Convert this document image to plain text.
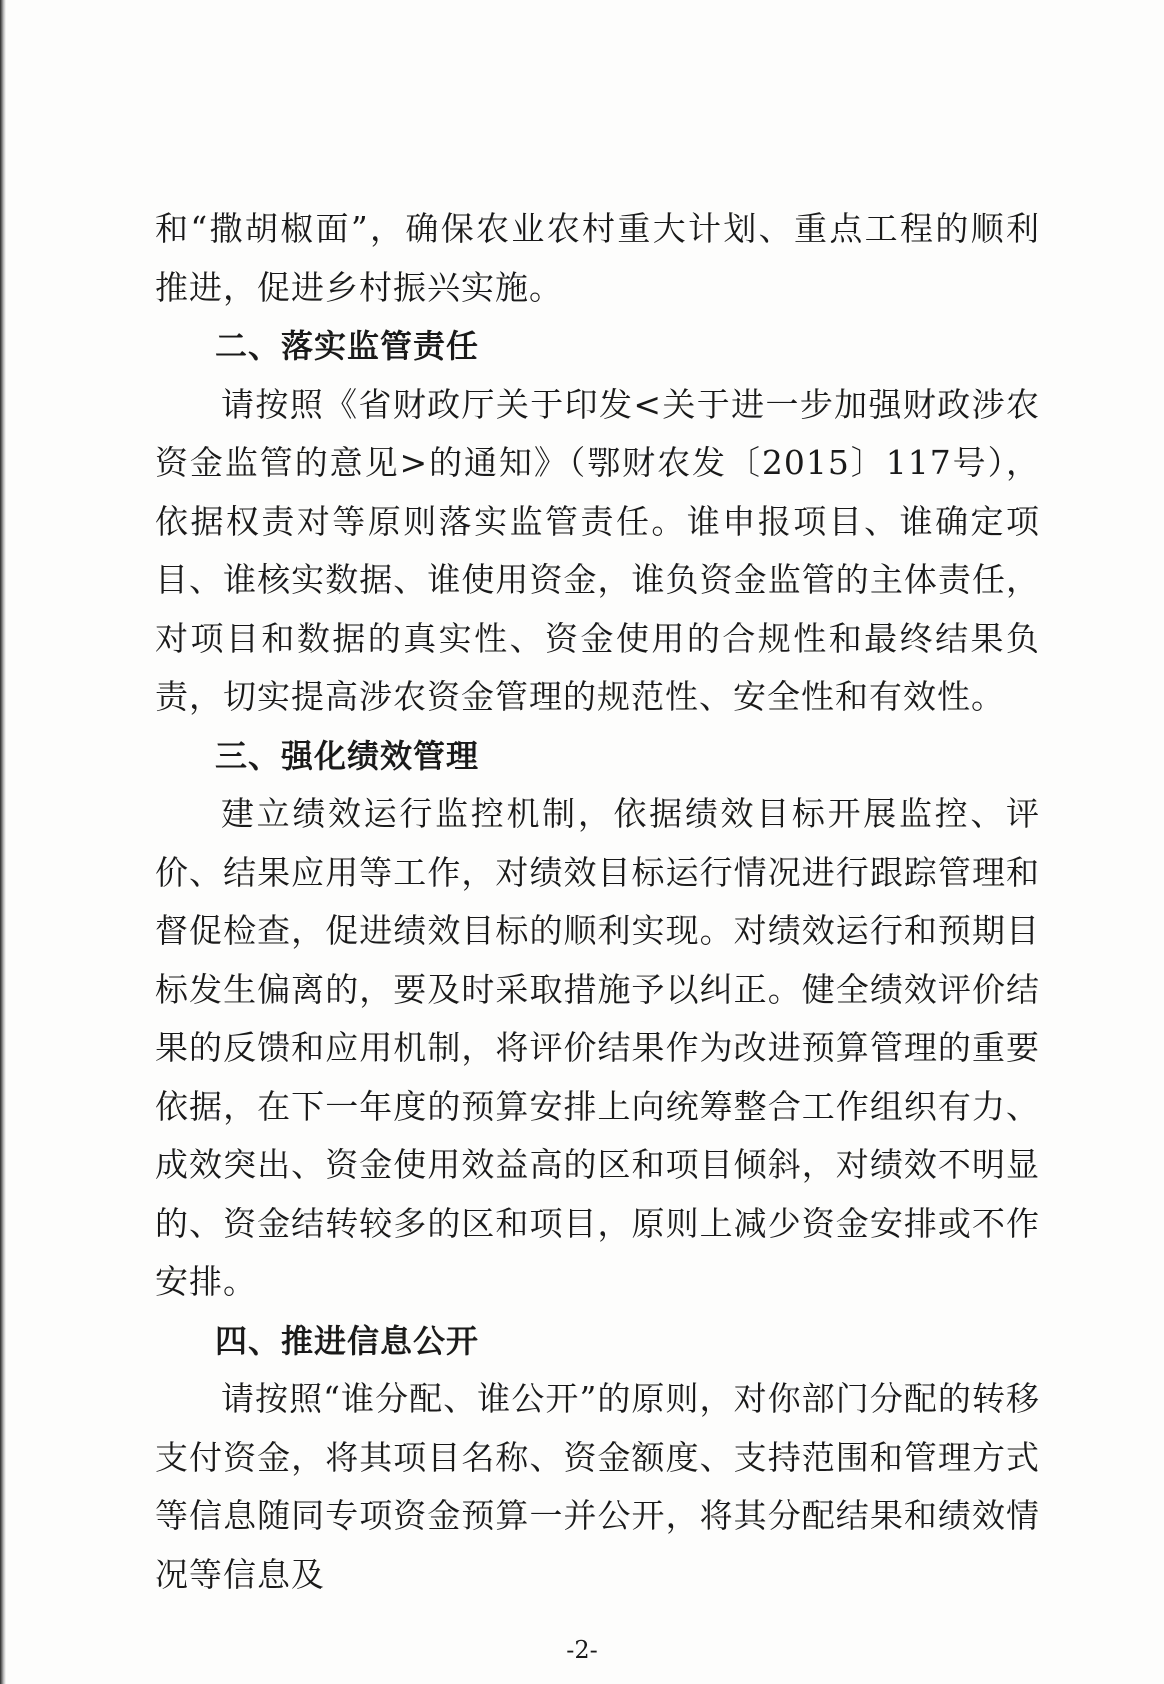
和“撒胡椒面”，确保农业农村重大计划、重点工程的顺利推进，促进乡村振兴实施。

二、落实监管责任

请按照《省财政厅关于印发<关于进一步加强财政涉农资金监管的意见>的通知》（鄂财农发〔2015〕117号），依据权责对等原则落实监管责任。谁申报项目、谁确定项目、谁核实数据、谁使用资金，谁负资金监管的主体责任，对项目和数据的真实性、资金使用的合规性和最终结果负责，切实提高涉农资金管理的规范性、安全性和有效性。

三、强化绩效管理

建立绩效运行监控机制，依据绩效目标开展监控、评价、结果应用等工作，对绩效目标运行情况进行跟踪管理和督促检查，促进绩效目标的顺利实现。对绩效运行和预期目标发生偏离的，要及时采取措施予以纠正。健全绩效评价结果的反馈和应用机制，将评价结果作为改进预算管理的重要依据，在下一年度的预算安排上向统筹整合工作组织有力、成效突出、资金使用效益高的区和项目倾斜，对绩效不明显的、资金结转较多的区和项目，原则上减少资金安排或不作安排。

四、推进信息公开

请按照“谁分配、谁公开”的原则，对你部门分配的转移支付资金，将其项目名称、资金额度、支持范围和管理方式等信息随同专项资金预算一并公开，将其分配结果和绩效情况等信息及

-2-
